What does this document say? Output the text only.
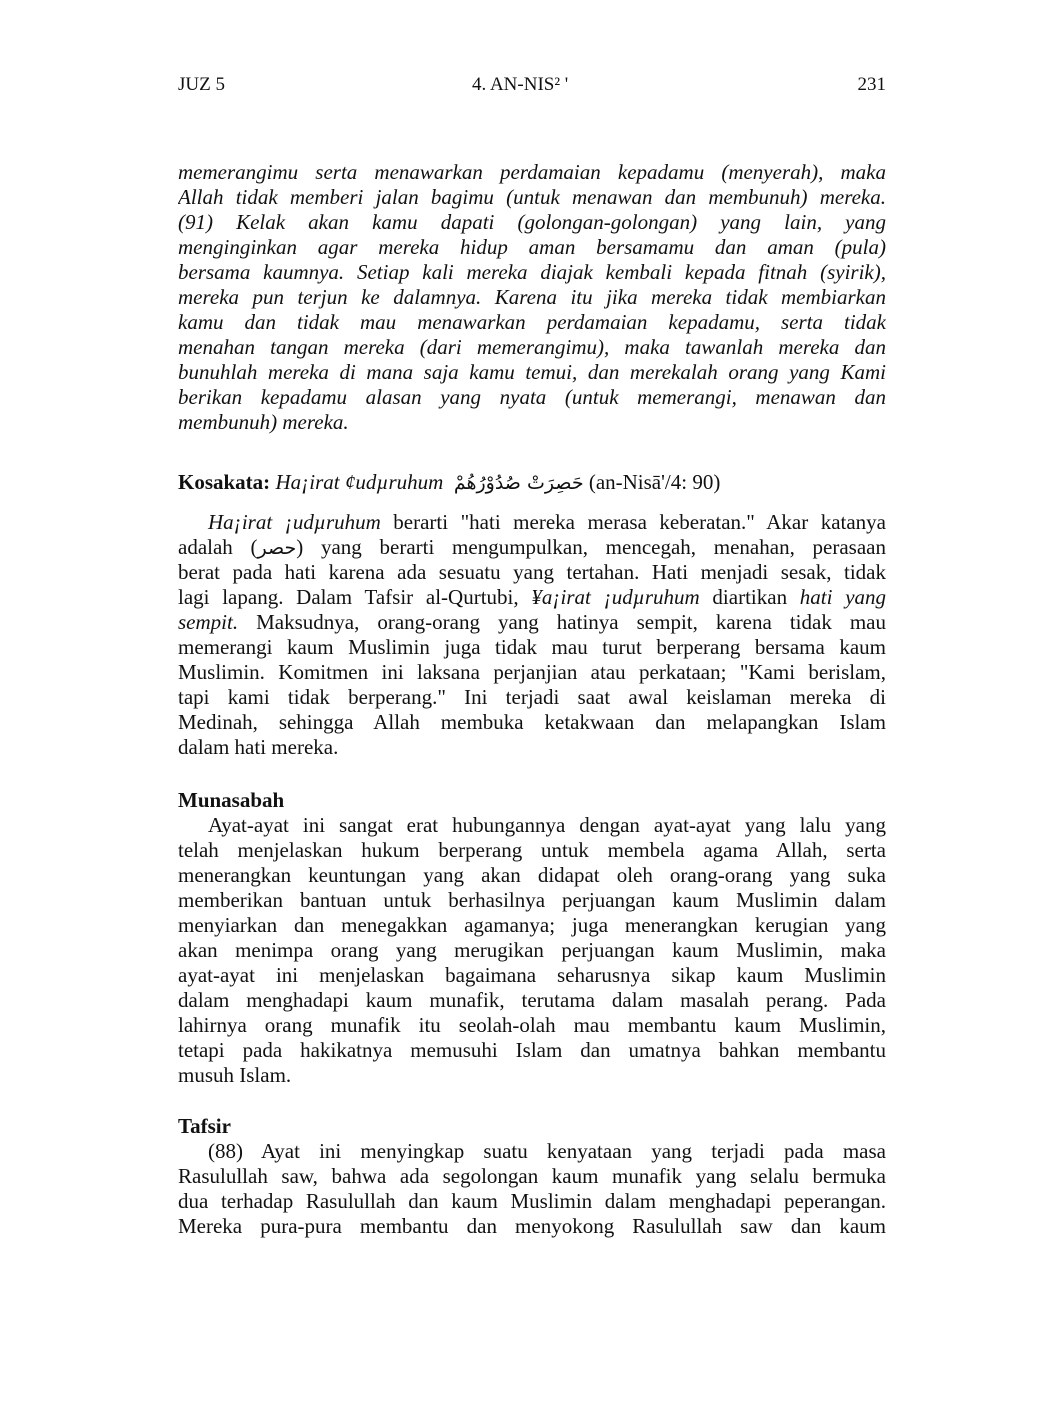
JUZ 5	4. AN-NIS² '	231
memerangimu serta menawarkan perdamaian kepadamu (menyerah), maka
Allah tidak memberi jalan bagimu (untuk menawan dan membunuh) mereka.
(91) Kelak akan kamu dapati (golongan-golongan) yang lain, yang
menginginkan agar mereka hidup aman bersamamu dan aman (pula)
bersama kaumnya. Setiap kali mereka diajak kembali kepada fitnah (syirik),
mereka pun terjun ke dalamnya. Karena itu jika mereka tidak membiarkan
kamu dan tidak mau menawarkan perdamaian kepadamu, serta tidak
menahan tangan mereka (dari memerangimu), maka tawanlah mereka dan
bunuhlah mereka di mana saja kamu temui, dan merekalah orang yang Kami
berikan kepadamu alasan yang nyata (untuk memerangi, menawan dan
membunuh) mereka.
Kosakata: Ha¡irat ¢udµruhum حَصِرَتْ صُدُوْرُهُمْ (an-Nisā'/4: 90)
Ha¡irat ¡udµruhum berarti "hati mereka merasa keberatan." Akar katanya
adalah (حصر) yang berarti mengumpulkan, mencegah, menahan, perasaan
berat pada hati karena ada sesuatu yang tertahan. Hati menjadi sesak, tidak
lagi lapang. Dalam Tafsir al-Qurtubi, ¥a¡irat ¡udµruhum diartikan hati yang
sempit. Maksudnya, orang-orang yang hatinya sempit, karena tidak mau
memerangi kaum Muslimin juga tidak mau turut berperang bersama kaum
Muslimin. Komitmen ini laksana perjanjian atau perkataan; "Kami berislam,
tapi kami tidak berperang." Ini terjadi saat awal keislaman mereka di
Medinah, sehingga Allah membuka ketakwaan dan melapangkan Islam
dalam hati mereka.
Munasabah
Ayat-ayat ini sangat erat hubungannya dengan ayat-ayat yang lalu yang
telah menjelaskan hukum berperang untuk membela agama Allah, serta
menerangkan keuntungan yang akan didapat oleh orang-orang yang suka
memberikan bantuan untuk berhasilnya perjuangan kaum Muslimin dalam
menyiarkan dan menegakkan agamanya; juga menerangkan kerugian yang
akan menimpa orang yang merugikan perjuangan kaum Muslimin, maka
ayat-ayat ini menjelaskan bagaimana seharusnya sikap kaum Muslimin
dalam menghadapi kaum munafik, terutama dalam masalah perang. Pada
lahirnya orang munafik itu seolah-olah mau membantu kaum Muslimin,
tetapi pada hakikatnya memusuhi Islam dan umatnya bahkan membantu
musuh Islam.
Tafsir
(88) Ayat ini menyingkap suatu kenyataan yang terjadi pada masa
Rasulullah saw, bahwa ada segolongan kaum munafik yang selalu bermuka
dua terhadap Rasulullah dan kaum Muslimin dalam menghadapi peperangan.
Mereka pura-pura membantu dan menyokong Rasulullah saw dan kaum
